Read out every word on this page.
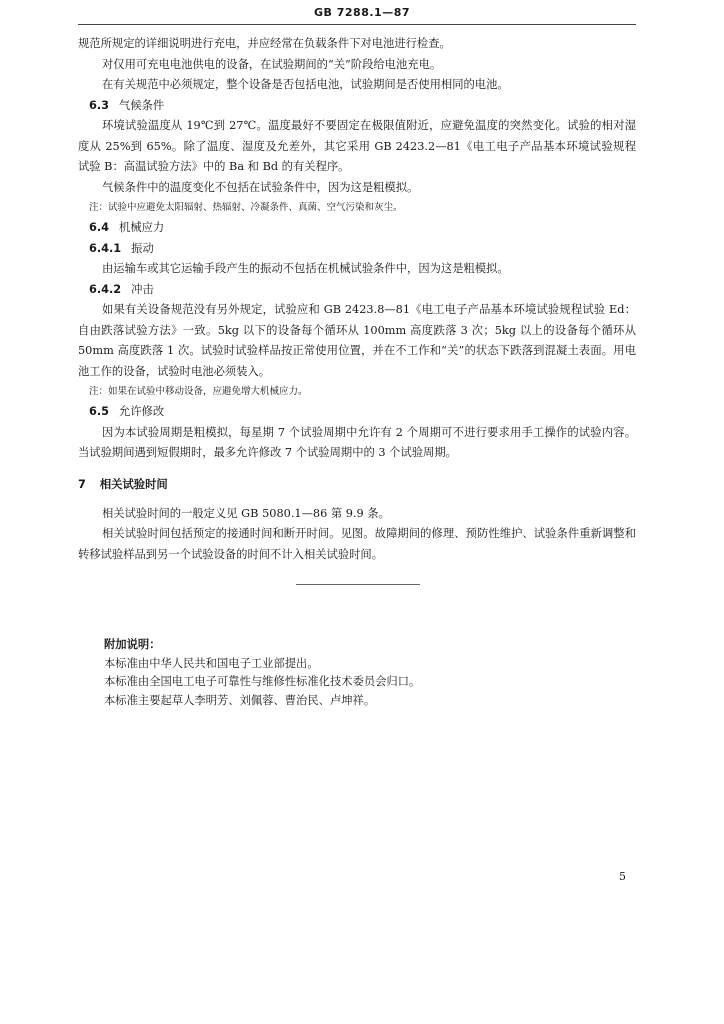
GB 7288.1—87

规范所规定的详细说明进行充电，并应经常在负载条件下对电池进行检查。

对仅用可充电电池供电的设备，在试验期间的“关”阶段给电池充电。

在有关规范中必须规定，整个设备是否包括电池，试验期间是否使用相同的电池。

6.3 气候条件

环境试验温度从 19℃到 27℃。温度最好不要固定在极限值附近，应避免温度的突然变化。试验的相对湿度从 25%到 65%。除了温度、湿度及允差外，其它采用 GB 2423.2—81《电工电子产品基本环境试验规程　试验 B：高温试验方法》中的 Ba 和 Bd 的有关程序。

气候条件中的温度变化不包括在试验条件中，因为这是粗模拟。

注：试验中应避免太阳辐射、热辐射、冷凝条件、真菌、空气污染和灰尘。

6.4 机械应力
6.4.1 振动

由运输车或其它运输手段产生的振动不包括在机械试验条件中，因为这是粗模拟。

6.4.2 冲击

如果有关设备规范没有另外规定，试验应和 GB 2423.8—81《电工电子产品基本环境试验规程试验 Ed：自由跌落试验方法》一致。5kg 以下的设备每个循环从 100mm 高度跌落 3 次；5kg 以上的设备每个循环从 50mm 高度跌落 1 次。试验时试验样品按正常使用位置，并在不工作和“关”的状态下跌落到混凝土表面。用电池工作的设备，试验时电池必须装入。

注：如果在试验中移动设备，应避免增大机械应力。

6.5 允许修改

因为本试验周期是粗模拟，每星期 7 个试验周期中允许有 2 个周期可不进行要求用手工操作的试验内容。当试验期间遇到短假期时，最多允许修改 7 个试验周期中的 3 个试验周期。

7 相关试验时间

相关试验时间的一般定义见 GB 5080.1—86 第 9.9 条。

相关试验时间包括预定的接通时间和断开时间。见图。故障期间的修理、预防性维护、试验条件重新调整和转移试验样品到另一个试验设备的时间不计入相关试验时间。

附加说明：

本标准由中华人民共和国电子工业部提出。

本标准由全国电工电子可靠性与维修性标准化技术委员会归口。

本标准主要起草人李明芳、刘佩蓉、曹治民、卢坤祥。

5
